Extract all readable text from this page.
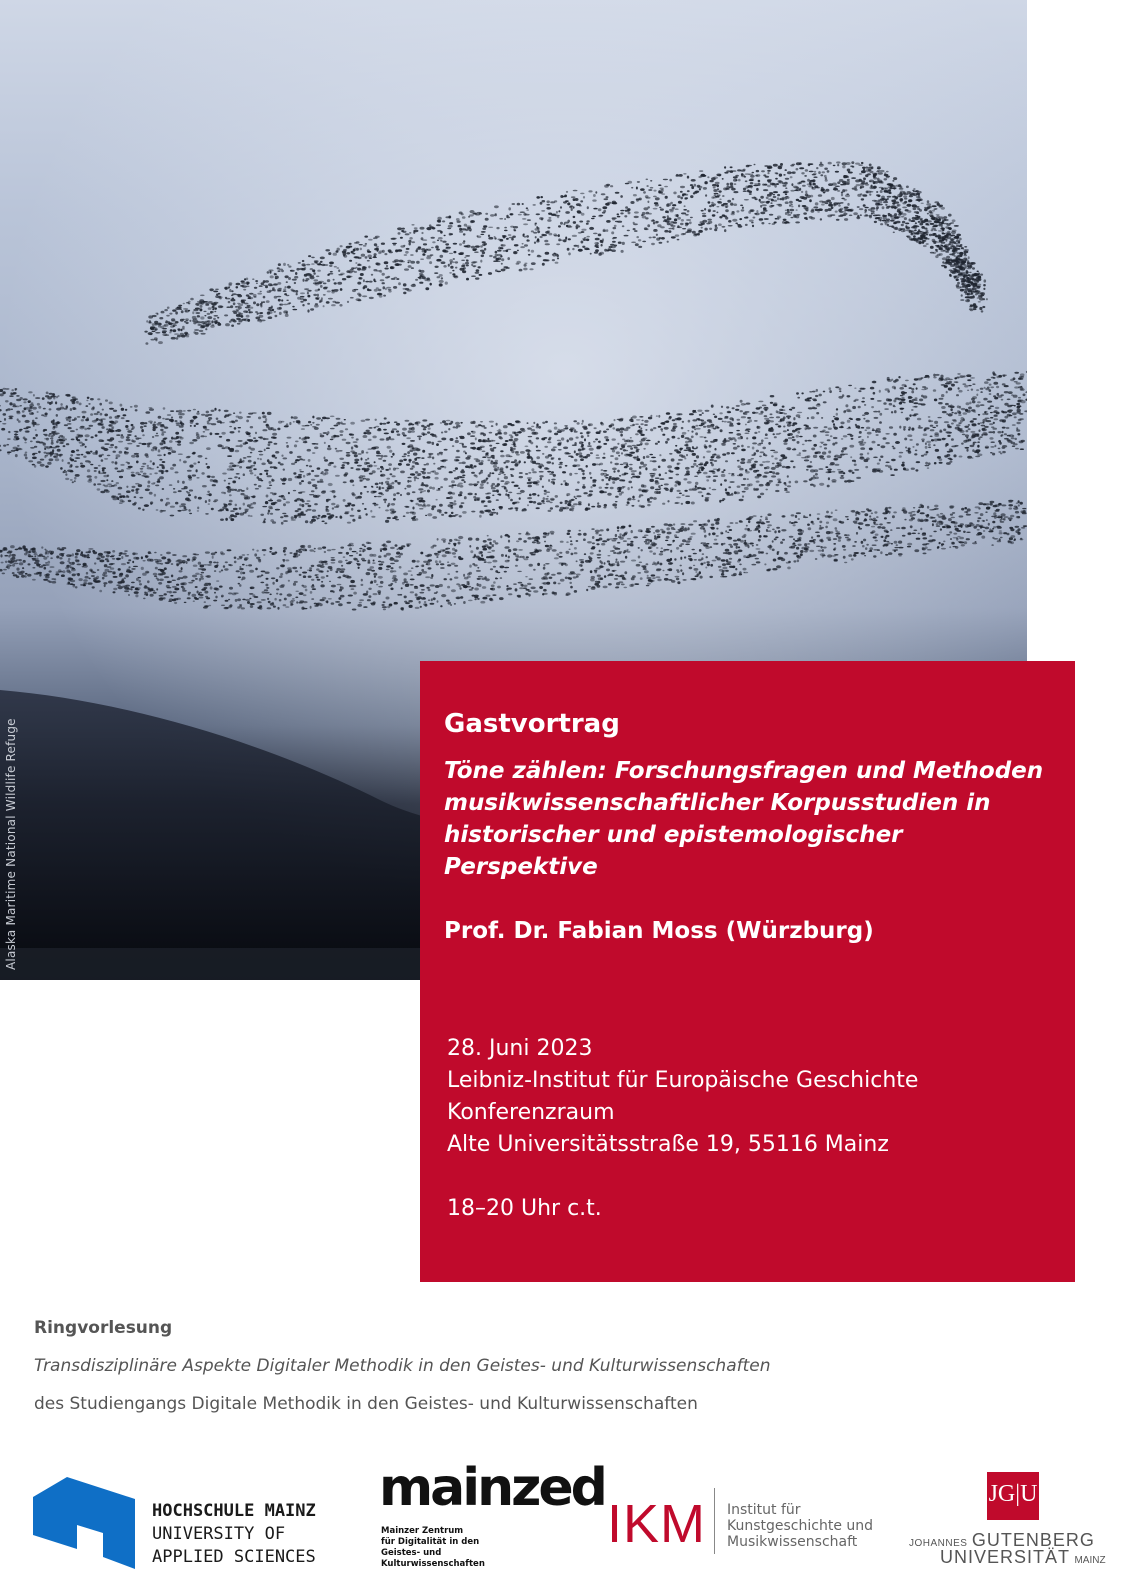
Alaska Maritime National Wildlife Refuge	Gastvortrag

Töne zählen: Forschungsfragen und Methoden
musikwissenschaftlicher Korpusstudien in
historischer und epistemologischer Perspektive

Prof. Dr. Fabian Moss (Würzburg)
28. Juni 2023
Leibniz-Institut für Europäische Geschichte
Konferenzraum
Alte Universitätsstraße 19, 55116 Mainz
18–20 Uhr c.t.
Ringvorlesung
Transdisziplinäre Aspekte Digitaler Methodik in den Geistes- und Kulturwissenschaften
des Studiengangs Digitale Methodik in den Geistes- und Kulturwissenschaften
HOCHSCHULE MAINZ
UNIVERSITY OF
APPLIED SCIENCES
mainzed
Mainzer Zentrum
für Digitalität in den
Geistes- und
Kulturwissenschaften
IKM Institut für
Kunstgeschichte und
Musikwissenschaft
JG|U
JOHANNES GUTENBERG
UNIVERSITÄT MAINZ
